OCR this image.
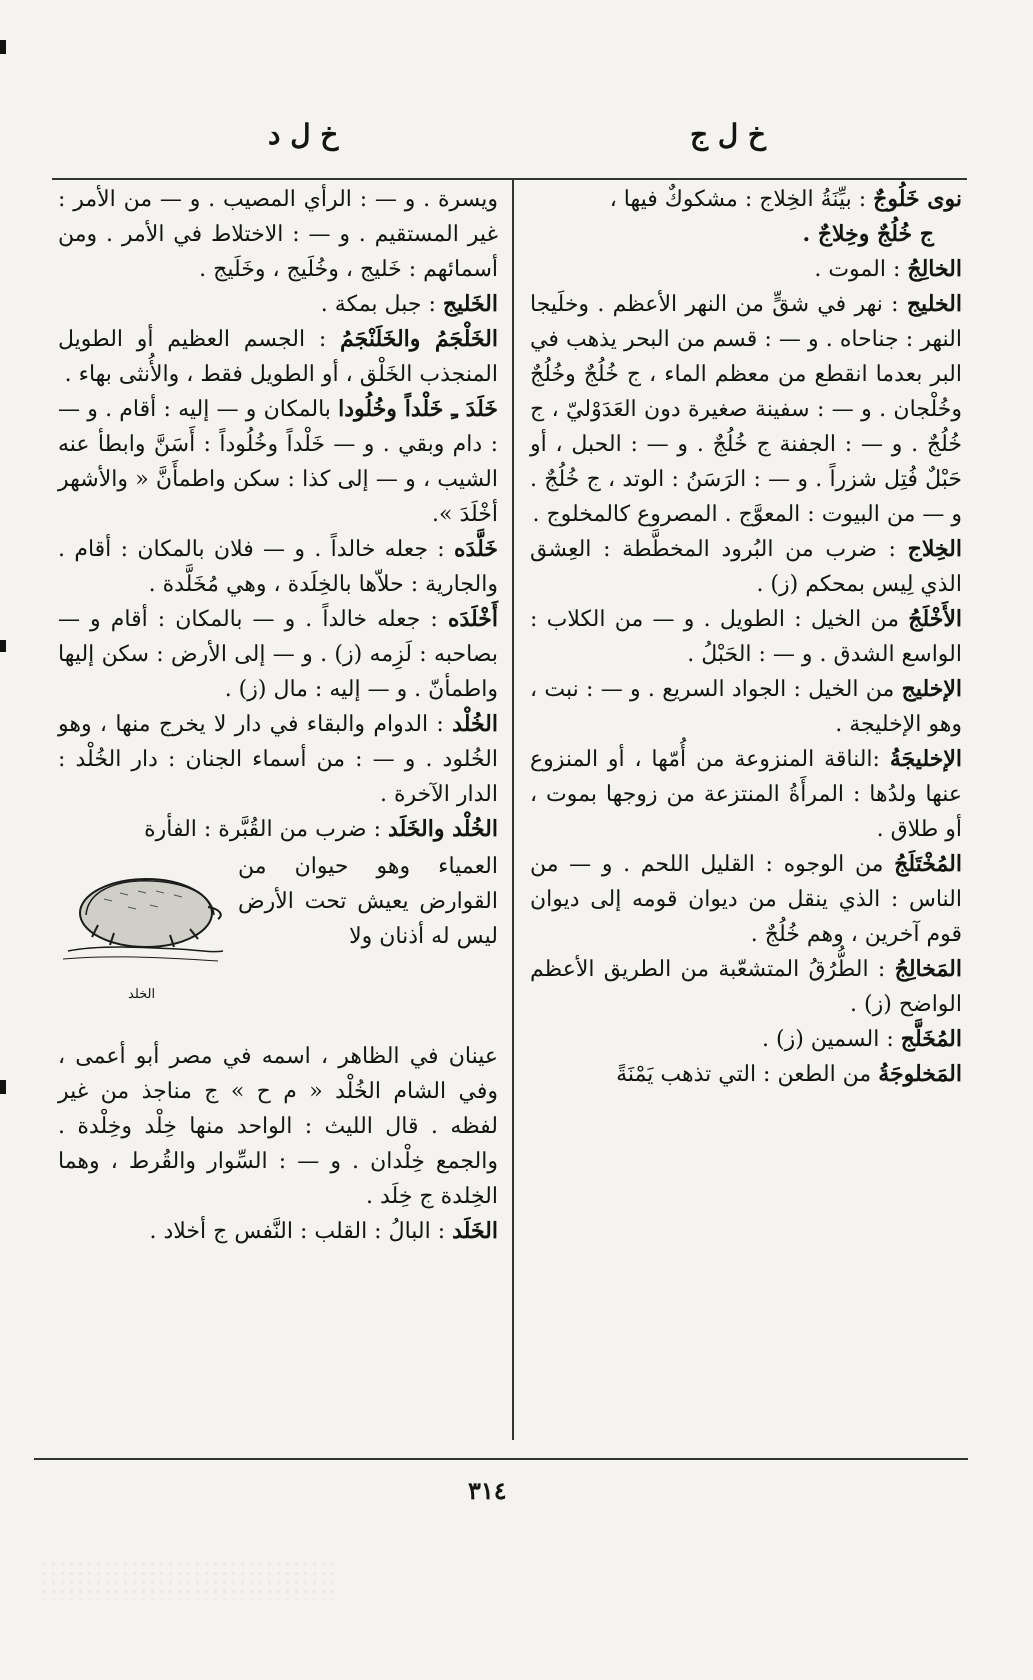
خ ل ج
خ ل د

نوى خَلُوجٌ : بيِّنَةُ الخِلاج : مشكوكٌ فيها ،
ج خُلُجٌ وخِلاجٌ .

الخالِجُ : الموت .

الخليج : نهر في شقٍّ من النهر الأعظم . وخلَيجا النهر : جناحاه . و — : قسم من البحر يذهب في البر بعدما انقطع من معظم الماء ، ج خُلُجٌ وخُلُجٌ وخُلْجان . و — : سفينة صغيرة دون العَدَوْليّ ، ج خُلُجٌ . و — : الجفنة ج خُلُجٌ . و — : الحبل ، أو حَبْلٌ فُتِل شزراً . و — : الرَسَنُ : الوتد ، ج خُلُجٌ . و — من البيوت : المعوَّج . المصروع كالمخلوج .

الخِلاج : ضرب من البُرود المخطَّطة : العِشق الذي لِيس بمحكم (ز) .

الأَخْلَجُ من الخيل : الطويل . و — من الكلاب : الواسع الشدق . و — : الحَبْلُ .

الإخليج من الخيل : الجواد السريع . و — : نبت ، وهو الإخليجة .

الإخليجَةُ :الناقة المنزوعة من أُمّها ، أو المنزوع عنها ولدُها : المرأَةُ المنتزعة من زوجها بموت ، أو طلاق .

المُخْتَلَجُ من الوجوه : القليل اللحم . و — من الناس : الذي ينقل من ديوان قومه إلى ديوان قوم آخرين ، وهم خُلُجٌ .

المَخالِجُ : الطُّرُقُ المتشعّبة من الطريق الأعظم الواضح (ز) .

المُخَلَّج : السمين (ز) .

المَخلوجَةُ من الطعن : التي تذهب يَمْنَةً

ويسرة . و — : الرأي المصيب . و — من الأمر : غير المستقيم . و — : الاختلاط في الأمر . ومن أسمائهم : خَليج ، وخُلَيج ، وخَلَيج .

الخَليج : جبل بمكة .

الخَلْجَمُ والخَلَنْجَمُ : الجسم العظيم أو الطويل المنجذب الخَلْق ، أو الطويل فقط ، والأُنثى بهاء .

خَلَدَ ـِ خَلْداً وخُلُودا بالمكان و — إليه : أقام . و — : دام وبقي . و — خَلْداً وخُلُوداً : أَسَنَّ وابطأ عنه الشيب ، و — إلى كذا : سكن واطمأَنَّ « والأشهر أخْلَدَ ».

خَلَّدَه : جعله خالداً . و — فلان بالمكان : أقام . والجارية : حلاّها بالخِلَدة ، وهي مُخَلَّدة .

أَخْلَدَه : جعله خالداً . و — بالمكان : أقام و — بصاحبه : لَزِمه (ز) . و — إلى الأرض : سكن إليها واطمأنّ . و — إليه : مال (ز) .

الخُلْد : الدوام والبقاء في دار لا يخرج منها ، وهو الخُلود . و — : من أسماء الجنان : دار الخُلْد : الدار الآخرة .

الخُلْد والخَلَد : ضرب من القُبَّرة : الفأرة

العمياء وهو حيوان من القوارض يعيش تحت الأرض ليس له أذنان ولا
الخلد

عينان في الظاهر ، اسمه في مصر أبو أعمى ، وفي الشام الخُلْد « م ح » ج مناجذ من غير لفظه . قال الليث : الواحد منها خِلْد وخِلْدة . والجمع خِلْدان . و — : السِّوار والقُرط ، وهما الخِلدة ج خِلَد .

الخَلَد : البالُ : القلب : النَّفس ج أخلاد .

٣١٤
